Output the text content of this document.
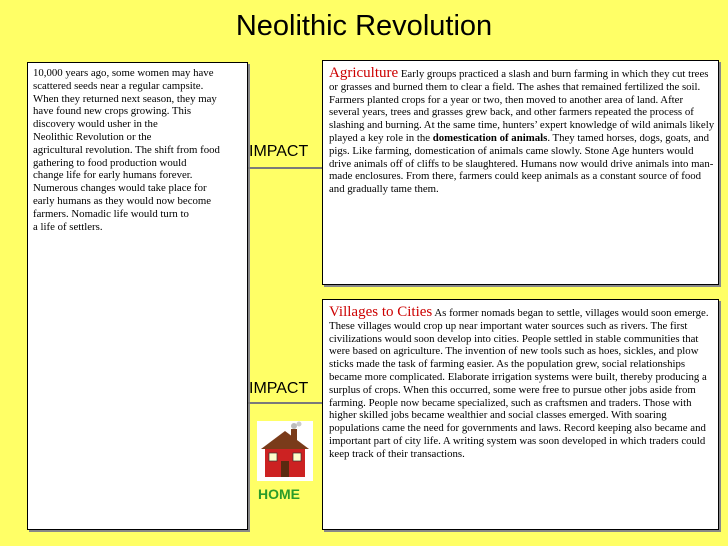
Neolithic Revolution
10,000 years ago, some women may have
scattered seeds near a regular campsite.
When they returned next season, they may
have found new crops growing. This
discovery would usher in the
Neolithic Revolution or the
agricultural revolution. The shift from food
gathering to food production would
change life for early humans forever.
Numerous changes would take place for
early humans as they would now become
farmers. Nomadic life would turn to
a life of settlers.
IMPACT
IMPACT
Agriculture Early groups practiced a slash and burn farming in which they cut trees or grasses and burned them to clear a field. The ashes that remained fertilized the soil. Farmers planted crops for a year or two, then moved to another area of land. After several years, trees and grasses grew back, and other farmers repeated the process of slashing and burning. At the same time, hunters’ expert knowledge of wild animals likely played a key role in the domestication of animals. They tamed horses, dogs, goats, and pigs. Like farming, domestication of animals came slowly. Stone Age hunters would drive animals off of cliffs to be slaughtered. Humans now would drive animals into man-made enclosures. From there, farmers could keep animals as a constant source of food and gradually tame them.
Villages to Cities As former nomads began to settle, villages would soon emerge. These villages would crop up near important water sources such as rivers. The first civilizations would soon develop into cities. People settled in stable communities that were based on agriculture. The invention of new tools such as hoes, sickles, and plow sticks made the task of farming easier. As the population grew, social relationships became more complicated. Elaborate irrigation systems were built, thereby producing a surplus of crops. When this occurred, some were free to pursue other jobs aside from farming. People now became specialized, such as craftsmen and traders. Those with higher skilled jobs became wealthier and social classes emerged. With soaring populations came the need for governments and laws. Record keeping also became and important part of city life. A writing system was soon developed in which traders could keep track of their transactions.
HOME
